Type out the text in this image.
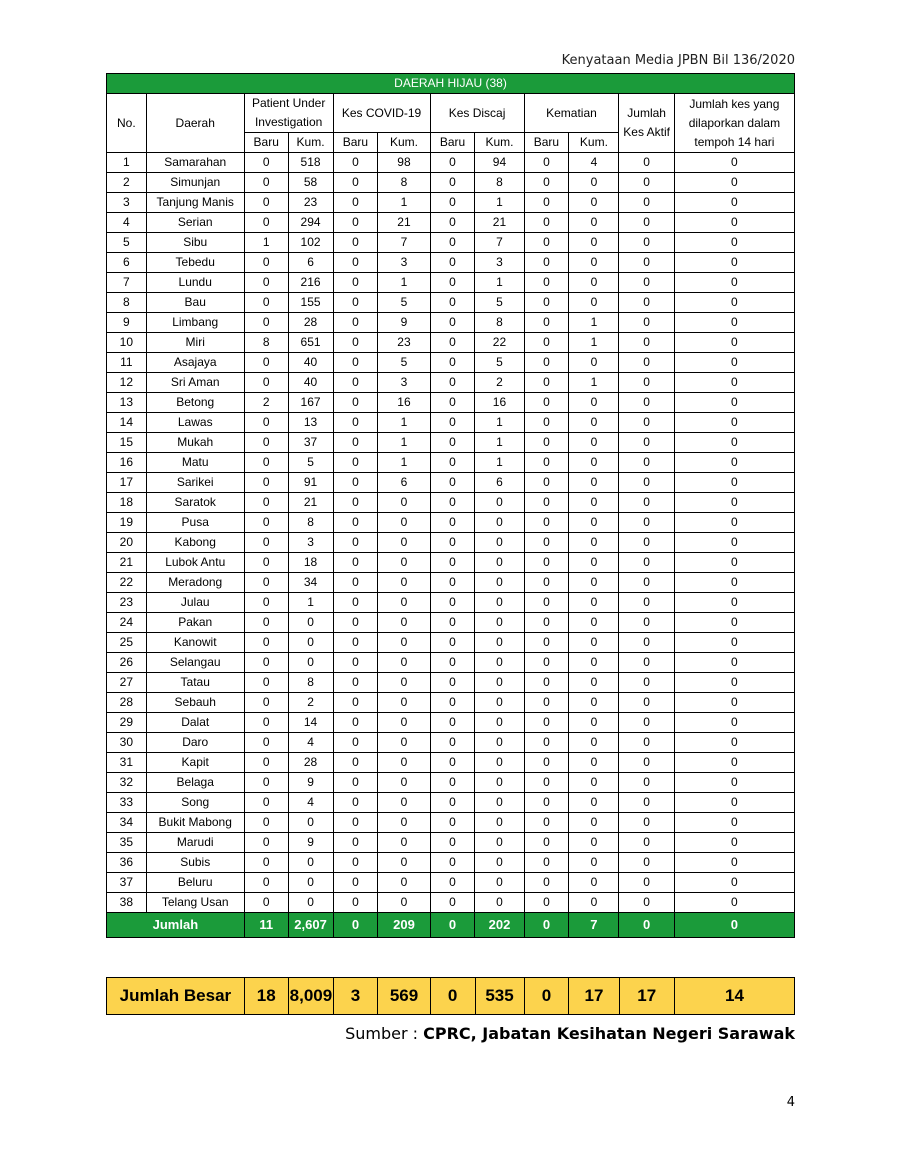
Kenyataan Media JPBN Bil 136/2020
DAERAH HIJAU (38)											
No.	Daerah	Patient Under Investigation		Kes COVID-19		Kes Discaj		Kematian		Jumlah Kes Aktif	Jumlah kes yang dilaporkan dalam tempoh 14 hari
		Baru	Kum.	Baru	Kum.	Baru	Kum.	Baru	Kum.		
1	Samarahan	0	518	0	98	0	94	0	4	0	0
2	Simunjan	0	58	0	8	0	8	0	0	0	0
3	Tanjung Manis	0	23	0	1	0	1	0	0	0	0
4	Serian	0	294	0	21	0	21	0	0	0	0
5	Sibu	1	102	0	7	0	7	0	0	0	0
6	Tebedu	0	6	0	3	0	3	0	0	0	0
7	Lundu	0	216	0	1	0	1	0	0	0	0
8	Bau	0	155	0	5	0	5	0	0	0	0
9	Limbang	0	28	0	9	0	8	0	1	0	0
10	Miri	8	651	0	23	0	22	0	1	0	0
11	Asajaya	0	40	0	5	0	5	0	0	0	0
12	Sri Aman	0	40	0	3	0	2	0	1	0	0
13	Betong	2	167	0	16	0	16	0	0	0	0
14	Lawas	0	13	0	1	0	1	0	0	0	0
15	Mukah	0	37	0	1	0	1	0	0	0	0
16	Matu	0	5	0	1	0	1	0	0	0	0
17	Sarikei	0	91	0	6	0	6	0	0	0	0
18	Saratok	0	21	0	0	0	0	0	0	0	0
19	Pusa	0	8	0	0	0	0	0	0	0	0
20	Kabong	0	3	0	0	0	0	0	0	0	0
21	Lubok Antu	0	18	0	0	0	0	0	0	0	0
22	Meradong	0	34	0	0	0	0	0	0	0	0
23	Julau	0	1	0	0	0	0	0	0	0	0
24	Pakan	0	0	0	0	0	0	0	0	0	0
25	Kanowit	0	0	0	0	0	0	0	0	0	0
26	Selangau	0	0	0	0	0	0	0	0	0	0
27	Tatau	0	8	0	0	0	0	0	0	0	0
28	Sebauh	0	2	0	0	0	0	0	0	0	0
29	Dalat	0	14	0	0	0	0	0	0	0	0
30	Daro	0	4	0	0	0	0	0	0	0	0
31	Kapit	0	28	0	0	0	0	0	0	0	0
32	Belaga	0	9	0	0	0	0	0	0	0	0
33	Song	0	4	0	0	0	0	0	0	0	0
34	Bukit Mabong	0	0	0	0	0	0	0	0	0	0
35	Marudi	0	9	0	0	0	0	0	0	0	0
36	Subis	0	0	0	0	0	0	0	0	0	0
37	Beluru	0	0	0	0	0	0	0	0	0	0
38	Telang Usan	0	0	0	0	0	0	0	0	0	0
Jumlah		11	2,607	0	209	0	202	0	7	0	0
Jumlah Besar	18	8,009	3	569	0	535	0	17	17	14
Sumber : CPRC, Jabatan Kesihatan Negeri Sarawak
4
